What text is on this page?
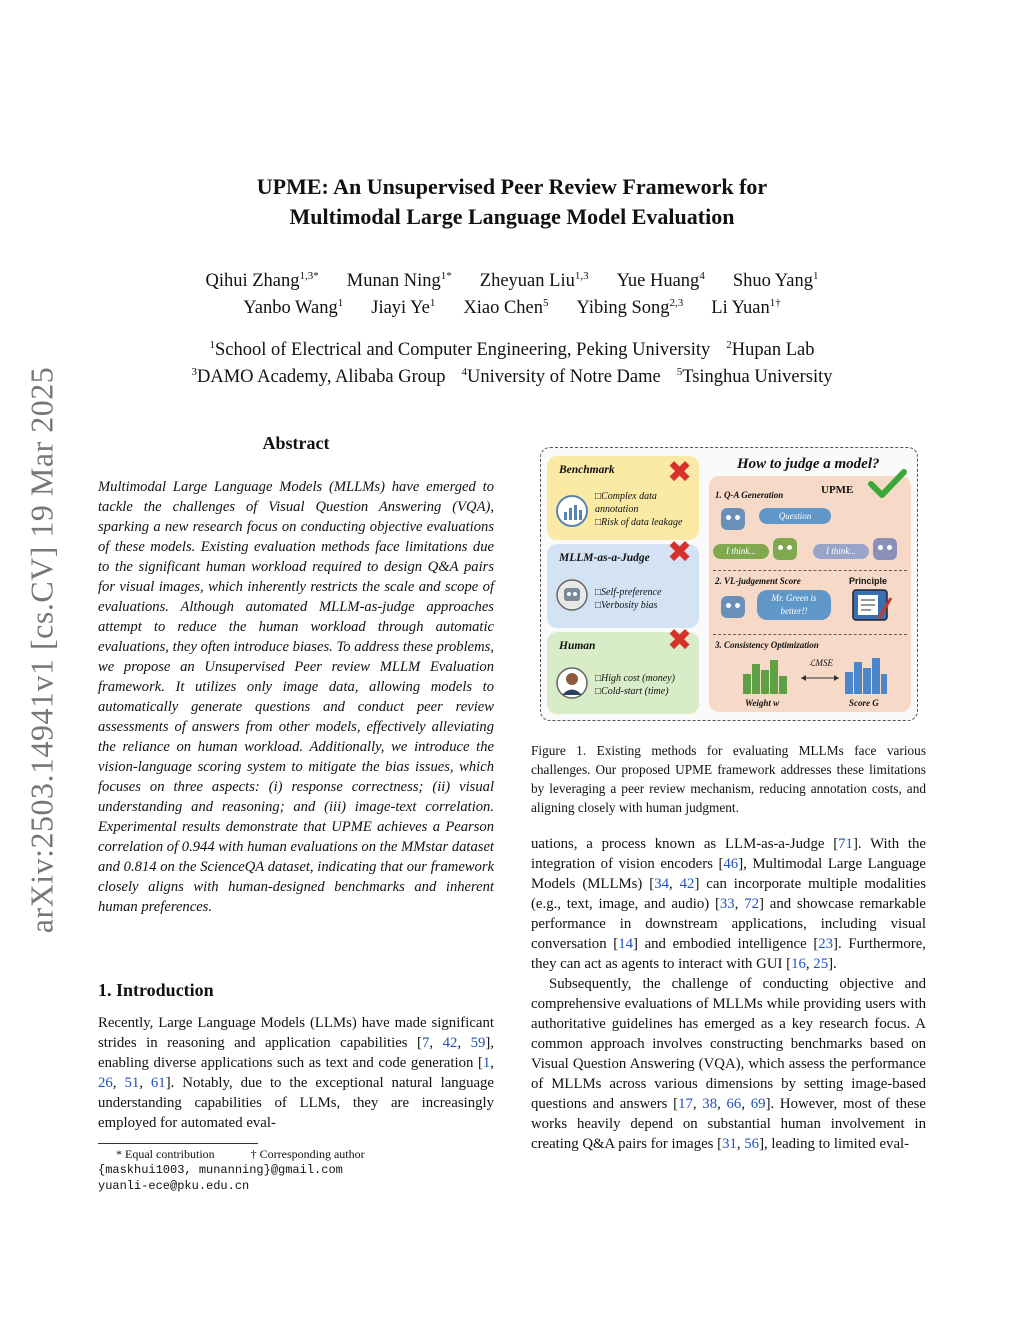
arXiv:2503.14941v1 [cs.CV] 19 Mar 2025
UPME: An Unsupervised Peer Review Framework for
Multimodal Large Language Model Evaluation
Qihui Zhang$^{1,3*}$ Munan Ning$^{1*}$ Zheyuan Liu$^{1,3}$ Yue Huang$^4$ Shuo Yang$^1$
Yanbo Wang$^1$ Jiayi Ye$^1$ Xiao Chen$^5$ Yibing Song$^{2,3}$ Li Yuan$^{1\dagger}$
$^1$School of Electrical and Computer Engineering, Peking University $^2$Hupan Lab
$^3$DAMO Academy, Alibaba Group $^4$University of Notre Dame $^5$Tsinghua University
Abstract
Multimodal Large Language Models (MLLMs) have emerged to tackle the challenges of Visual Question Answering (VQA), sparking a new research focus on conducting objective evaluations of these models. Existing evaluation methods face limitations due to the significant human workload required to design Q&A pairs for visual images, which inherently restricts the scale and scope of evaluations. Although automated MLLM-as-judge approaches attempt to reduce the human workload through automatic evaluations, they often introduce biases. To address these problems, we propose an Unsupervised Peer review MLLM Evaluation framework. It utilizes only image data, allowing models to automatically generate questions and conduct peer review assessments of answers from other models, effectively alleviating the reliance on human workload. Additionally, we introduce the vision-language scoring system to mitigate the bias issues, which focuses on three aspects: (i) response correctness; (ii) visual understanding and reasoning; and (iii) image-text correlation. Experimental results demonstrate that UPME achieves a Pearson correlation of 0.944 with human evaluations on the MMstar dataset and 0.814 on the ScienceQA dataset, indicating that our framework closely aligns with human-designed benchmarks and inherent human preferences.
1. Introduction
Recently, Large Language Models (LLMs) have made significant strides in reasoning and application capabilities [7, 42, 59], enabling diverse applications such as text and code generation [1, 26, 51, 61]. Notably, due to the exceptional natural language understanding capabilities of LLMs, they are increasingly employed for automated eval-
* Equal contribution	† Corresponding author
{maskhui1003, munanning}@gmail.com
yuanli-ece@pku.edu.cn
Benchmark
□ Complex data annotation
□ Risk of data leakage
✖
MLLM-as-a-Judge
□ Self-preference
□ Verbosity bias
✖
Human
□ High cost (money)
□ Cold-start (time)
✖
How to judge a model?
UPME
1. Q-A Generation
Question
I think...	I think...
2. VL-judgement Score
Mr. Green is better!!
Principle
3. Consistency Optimization
ℒMSE
Weight w	Score G
Figure 1. Existing methods for evaluating MLLMs face various challenges. Our proposed UPME framework addresses these limitations by leveraging a peer review mechanism, reducing annotation costs, and aligning closely with human judgment.

uations, a process known as LLM-as-a-Judge [71]. With the integration of vision encoders [46], Multimodal Large Language Models (MLLMs) [34, 42] can incorporate multiple modalities (e.g., text, image, and audio) [33, 72] and showcase remarkable performance in downstream applications, including visual conversation [14] and embodied intelligence [23]. Furthermore, they can act as agents to interact with GUI [16, 25].

Subsequently, the challenge of conducting objective and comprehensive evaluations of MLLMs while providing users with authoritative guidelines has emerged as a key research focus. A common approach involves constructing benchmarks based on Visual Question Answering (VQA), which assess the performance of MLLMs across various dimensions by setting image-based questions and answers [17, 38, 66, 69]. However, most of these works heavily depend on substantial human involvement in creating Q&A pairs for images [31, 56], leading to limited eval-
